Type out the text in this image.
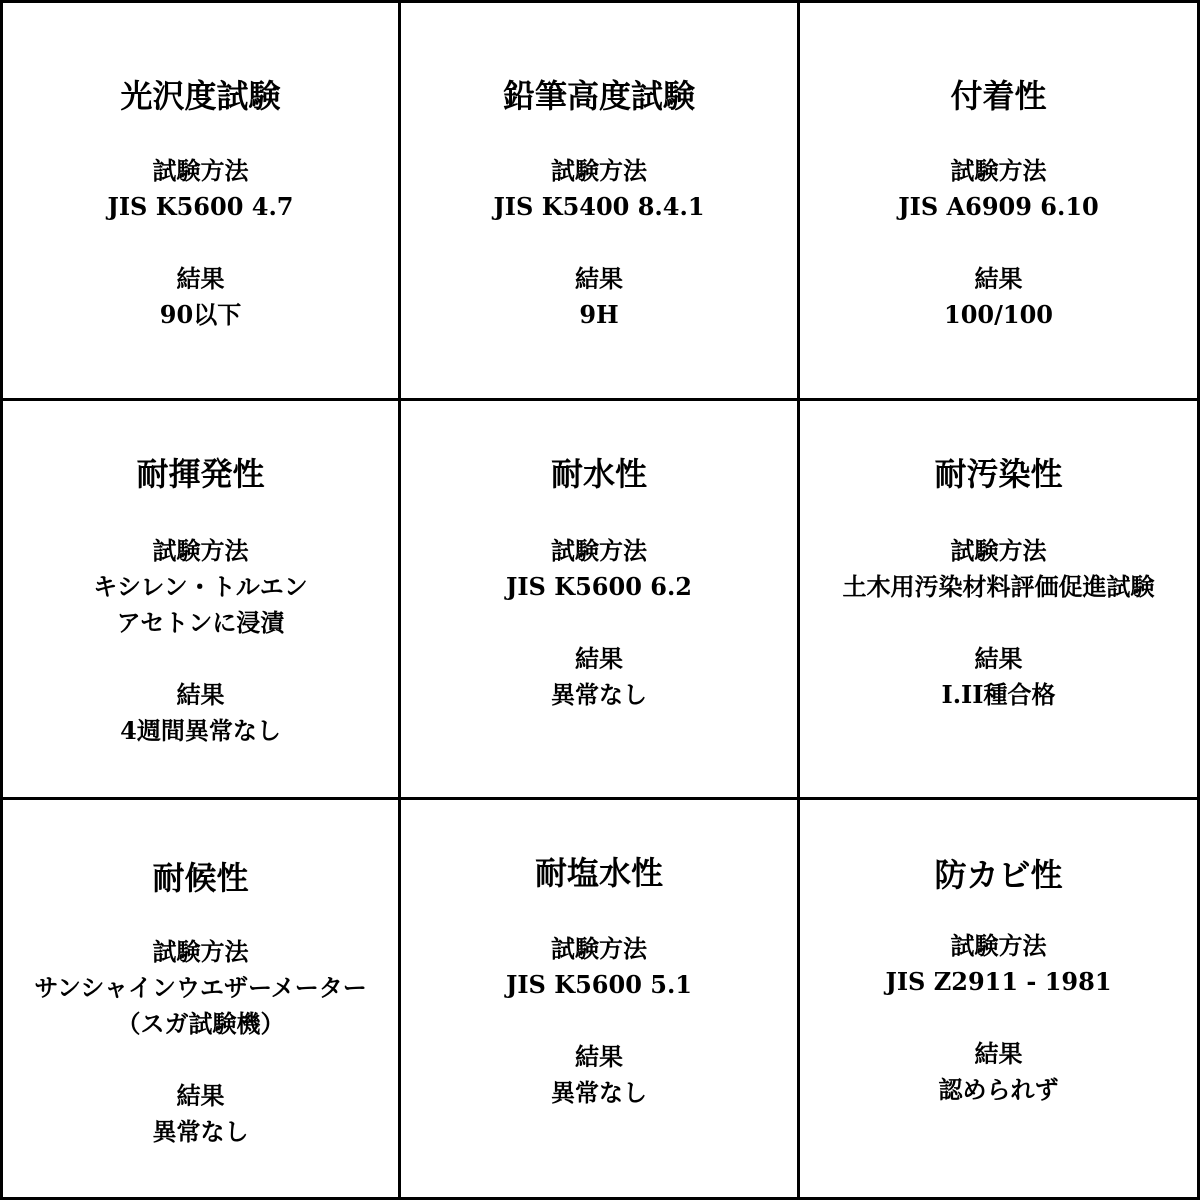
光沢度試験
試験方法
JIS K5600 4.7
結果
90以下
鉛筆高度試験
試験方法
JIS K5400 8.4.1
結果
9H
付着性
試験方法
JIS A6909 6.10
結果
100/100
耐揮発性
試験方法
キシレン・トルエン
アセトンに浸漬
結果
4週間異常なし
耐水性
試験方法
JIS K5600 6.2
結果
異常なし
耐汚染性
試験方法
土木用汚染材料評価促進試験
結果
I.II種合格
耐候性
試験方法
サンシャインウエザーメーター
（スガ試験機）
結果
異常なし
耐塩水性
試験方法
JIS K5600 5.1
結果
異常なし
防カビ性
試験方法
JIS Z2911 - 1981
結果
認められず
